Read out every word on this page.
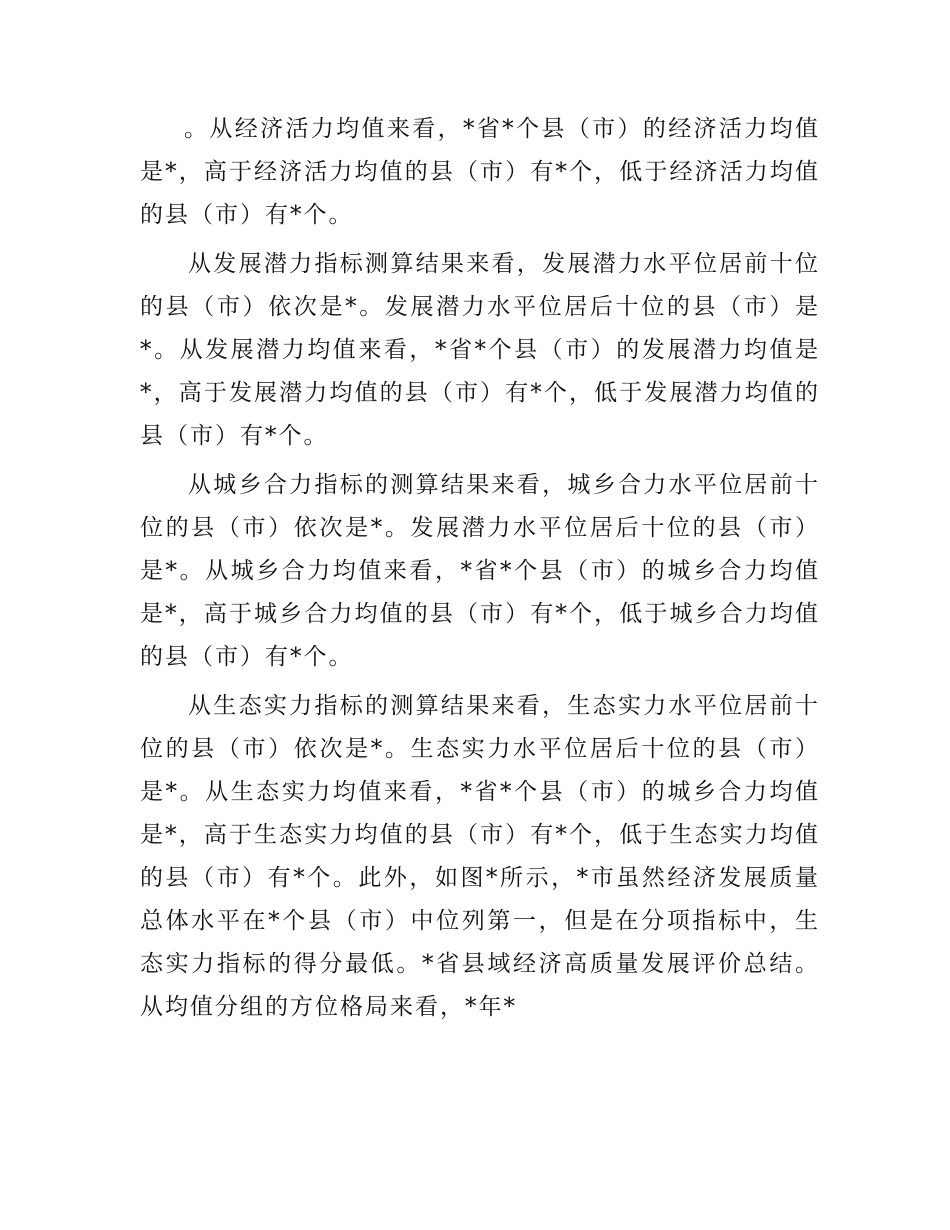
。从经济活力均值来看，*省*个县（市）的经济活力均值是*，高于经济活力均值的县（市）有*个，低于经济活力均值的县（市）有*个。

从发展潜力指标测算结果来看，发展潜力水平位居前十位的县（市）依次是*。发展潜力水平位居后十位的县（市）是*。从发展潜力均值来看，*省*个县（市）的发展潜力均值是*，高于发展潜力均值的县（市）有*个，低于发展潜力均值的县（市）有*个。

从城乡合力指标的测算结果来看，城乡合力水平位居前十位的县（市）依次是*。发展潜力水平位居后十位的县（市）是*。从城乡合力均值来看，*省*个县（市）的城乡合力均值是*，高于城乡合力均值的县（市）有*个，低于城乡合力均值的县（市）有*个。

从生态实力指标的测算结果来看，生态实力水平位居前十位的县（市）依次是*。生态实力水平位居后十位的县（市）是*。从生态实力均值来看，*省*个县（市）的城乡合力均值是*，高于生态实力均值的县（市）有*个，低于生态实力均值的县（市）有*个。此外，如图*所示，*市虽然经济发展质量总体水平在*个县（市）中位列第一，但是在分项指标中，生态实力指标的得分最低。*省县域经济高质量发展评价总结。从均值分组的方位格局来看，*年*
